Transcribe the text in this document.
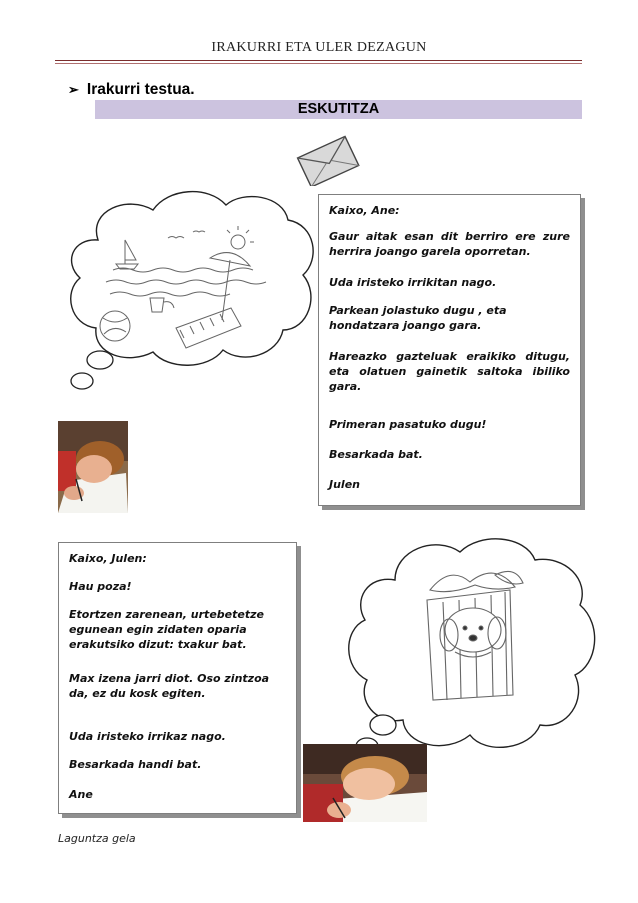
IRAKURRI ETA ULER DEZAGUN
➢ Irakurri testua.
ESKUTITZA

Kaixo, Ane:

Gaur aitak esan dit berriro ere zure herrira joango garela oporretan.

Uda iristeko irrikitan nago.

Parkean jolastuko dugu , eta hondatzara joango gara.

Hareazko gazteluak eraikiko ditugu, eta olatuen gainetik saltoka ibiliko gara.

Primeran pasatuko dugu!

Besarkada bat.

Julen

Kaixo, Julen:

Hau poza!

Etortzen zarenean, urtebetetze egunean egin zidaten oparia erakutsiko dizut: txakur bat.

Max izena jarri diot. Oso zintzoa da, ez du kosk egiten.

Uda iristeko irrikaz nago.

Besarkada handi bat.

Ane

Laguntza gela
